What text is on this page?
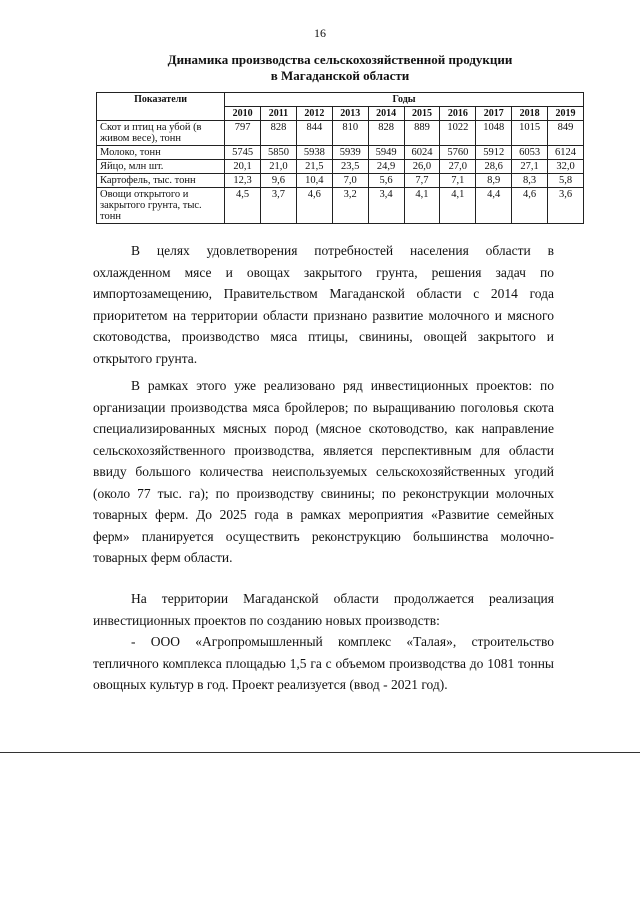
16
Динамика производства сельскохозяйственной продукции
в Магаданской области
Показатели	Годы									
	2010	2011	2012	2013	2014	2015	2016	2017	2018	2019
Скот и птиц на убой (в живом весе), тонн	797	828	844	810	828	889	1022	1048	1015	849
Молоко, тонн	5745	5850	5938	5939	5949	6024	5760	5912	6053	6124
Яйцо, млн шт.	20,1	21,0	21,5	23,5	24,9	26,0	27,0	28,6	27,1	32,0
Картофель, тыс. тонн	12,3	9,6	10,4	7,0	5,6	7,7	7,1	8,9	8,3	5,8
Овощи открытого и закрытого грунта, тыс. тонн	4,5	3,7	4,6	3,2	3,4	4,1	4,1	4,4	4,6	3,6
В целях удовлетворения потребностей населения области в охлажденном мясе и овощах закрытого грунта, решения задач по импортозамещению, Правительством Магаданской области с 2014 года приоритетом на территории области признано развитие молочного и мясного скотоводства, производство мяса птицы, свинины, овощей закрытого и открытого грунта.
В рамках этого уже реализовано ряд инвестиционных проектов: по организации производства мяса бройлеров; по выращиванию поголовья скота специализированных мясных пород (мясное скотоводство, как направление сельскохозяйственного производства, является перспективным для области ввиду большого количества неиспользуемых сельскохозяйственных угодий (около 77 тыс. га); по производству свинины; по реконструкции молочных товарных ферм. До 2025 года в рамках мероприятия «Развитие семейных ферм» планируется осуществить реконструкцию большинства молочно-товарных ферм области.
На территории Магаданской области продолжается реализация инвестиционных проектов по созданию новых производств:
- ООО «Агропромышленный комплекс «Талая», строительство тепличного комплекса площадью 1,5 га с объемом производства до 1081 тонны овощных культур в год. Проект реализуется (ввод - 2021 год).
